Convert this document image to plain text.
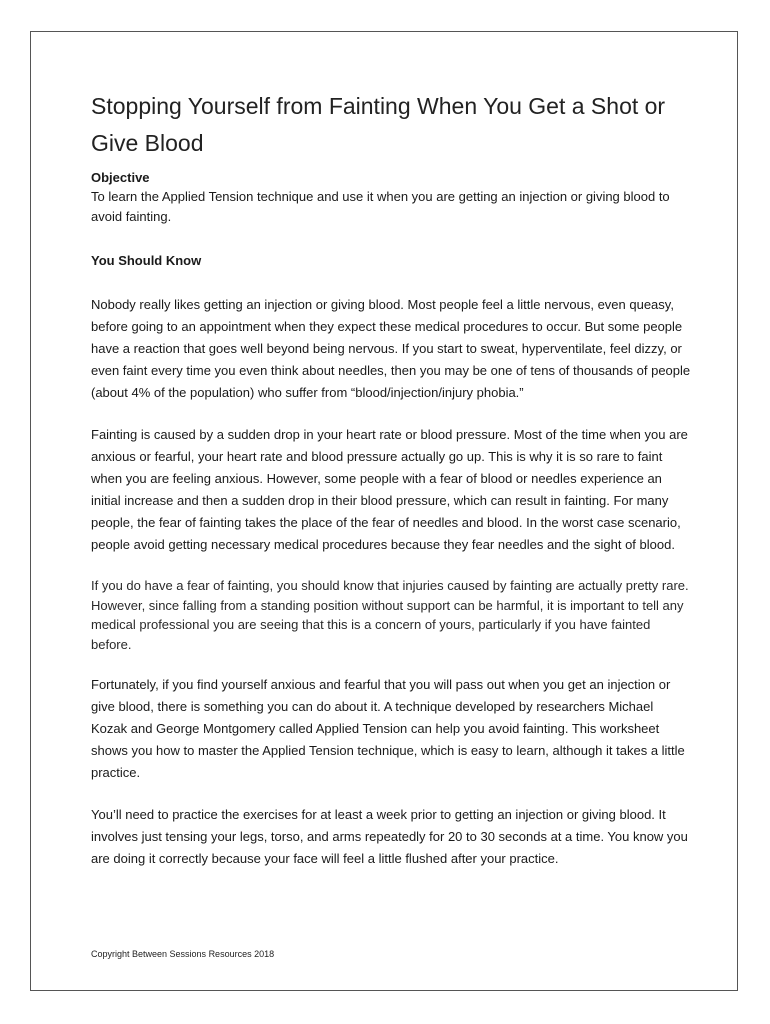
Stopping Yourself from Fainting When You Get a Shot or Give Blood
Objective

To learn the Applied Tension technique and use it when you are getting an injection or giving blood to avoid fainting.

You Should Know

Nobody really likes getting an injection or giving blood. Most people feel a little nervous, even queasy, before going to an appointment when they expect these medical procedures to occur. But some people have a reaction that goes well beyond being nervous. If you start to sweat, hyperventilate, feel dizzy, or even faint every time you even think about needles, then you may be one of tens of thousands of people (about 4% of the population) who suffer from “blood/injection/injury phobia.”

Fainting is caused by a sudden drop in your heart rate or blood pressure. Most of the time when you are anxious or fearful, your heart rate and blood pressure actually go up. This is why it is so rare to faint when you are feeling anxious. However, some people with a fear of blood or needles experience an initial increase and then a sudden drop in their blood pressure, which can result in fainting. For many people, the fear of fainting takes the place of the fear of needles and blood. In the worst case scenario, people avoid getting necessary medical procedures because they fear needles and the sight of blood.

If you do have a fear of fainting, you should know that injuries caused by fainting are actually pretty rare. However, since falling from a standing position without support can be harmful, it is important to tell any medical professional you are seeing that this is a concern of yours, particularly if you have fainted before.

Fortunately, if you find yourself anxious and fearful that you will pass out when you get an injection or give blood, there is something you can do about it. A technique developed by researchers Michael Kozak and George Montgomery called Applied Tension can help you avoid fainting. This worksheet shows you how to master the Applied Tension technique, which is easy to learn, although it takes a little practice.

You’ll need to practice the exercises for at least a week prior to getting an injection or giving blood. It involves just tensing your legs, torso, and arms repeatedly for 20 to 30 seconds at a time. You know you are doing it correctly because your face will feel a little flushed after your practice.

Copyright Between Sessions Resources 2018
